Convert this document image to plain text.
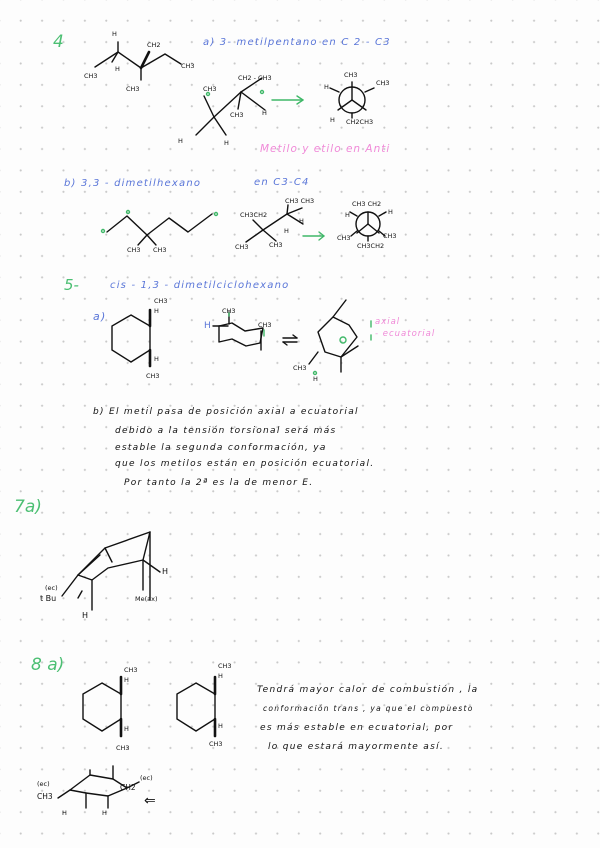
4	a) 3- metilpentano en C 2 - C3
H
CH2
CH3
H
CH3
CH3
CH2 - CH3
CH3
CH3	H
H	H
CH3
CH3
H
H CH2CH3
Metilo y etilo en Anti
b) 3,3 - dimetilhexano	en C3-C4
CH3 CH3
CH3CH2
CH3 CH3
H
CH3	CH3
H
CH3 CH2
H	H
CH3	CH3
CH3CH2
5-	cis - 1,3 - dimetilciclohexano
a)
CH3
H
H
CH3
CH3
H	CH3
CH3
H
axial
- ecuatorial
b) El metil pasa de posición axial a ecuatorial
debido a la tensión torsional será más
estable la segunda conformación, ya
que los metilos están en posición ecuatorial.
Por tanto la 2ª es la de menor E.
7a)
(ec)
t Bu
H
H
Me(ax)
8 a)	CH3
H
H
CH3
CH3
H
H
CH3
Tendrá mayor calor de combustión , la
conformación trans , ya que el compuesto
es más estable en ecuatorial, por
lo que estará mayormente así.
(ec)
CH3
CH2
(ec)
H	H
⇐
